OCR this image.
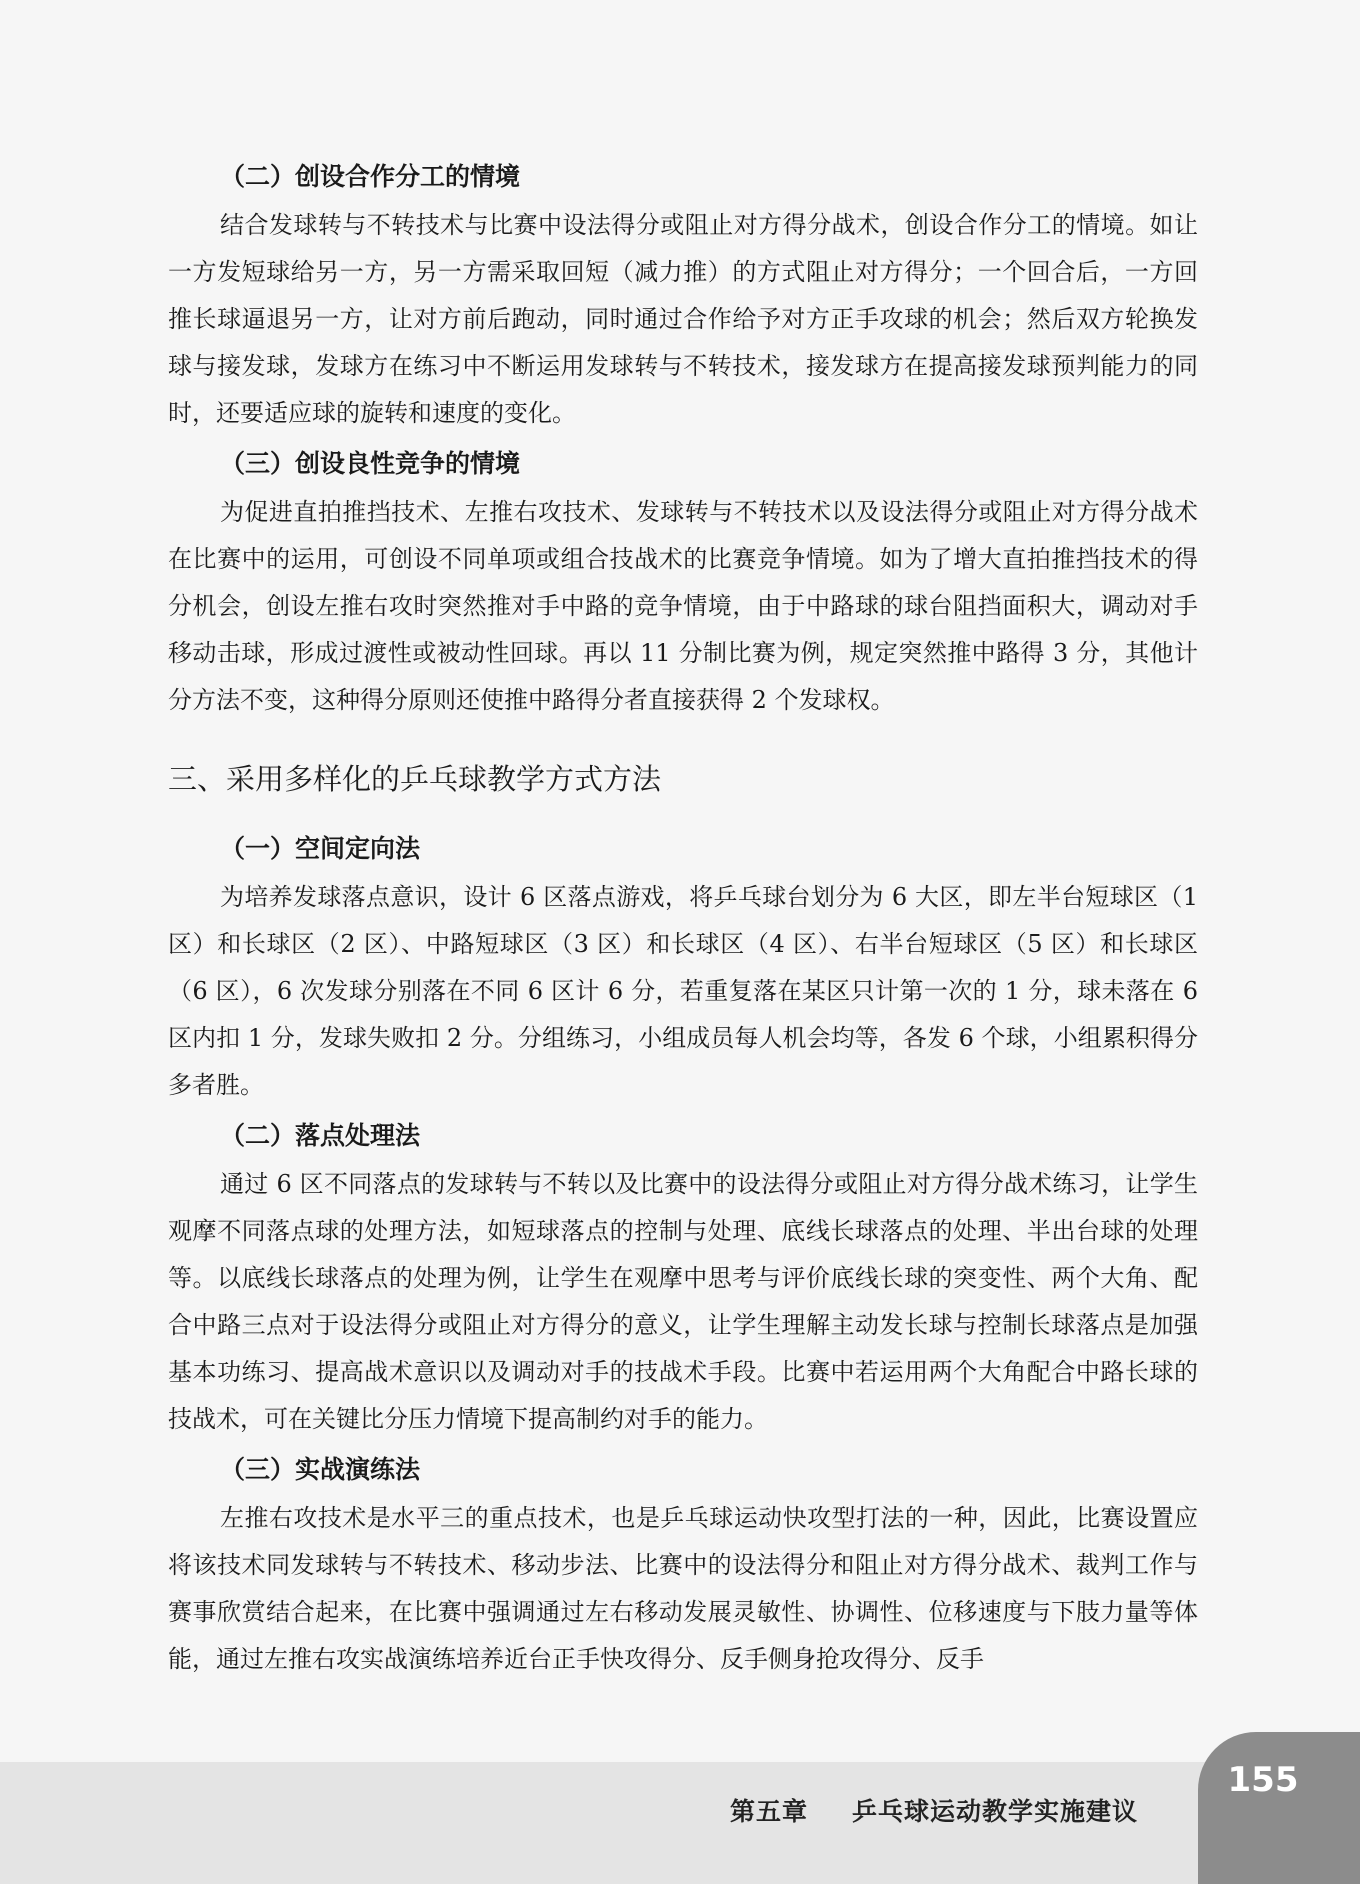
（二）创设合作分工的情境

结合发球转与不转技术与比赛中设法得分或阻止对方得分战术，创设合作分工的情境。如让一方发短球给另一方，另一方需采取回短（减力推）的方式阻止对方得分；一个回合后，一方回推长球逼退另一方，让对方前后跑动，同时通过合作给予对方正手攻球的机会；然后双方轮换发球与接发球，发球方在练习中不断运用发球转与不转技术，接发球方在提高接发球预判能力的同时，还要适应球的旋转和速度的变化。

（三）创设良性竞争的情境

为促进直拍推挡技术、左推右攻技术、发球转与不转技术以及设法得分或阻止对方得分战术在比赛中的运用，可创设不同单项或组合技战术的比赛竞争情境。如为了增大直拍推挡技术的得分机会，创设左推右攻时突然推对手中路的竞争情境，由于中路球的球台阻挡面积大，调动对手移动击球，形成过渡性或被动性回球。再以 11 分制比赛为例，规定突然推中路得 3 分，其他计分方法不变，这种得分原则还使推中路得分者直接获得 2 个发球权。

三、采用多样化的乒乓球教学方式方法
（一）空间定向法

为培养发球落点意识，设计 6 区落点游戏，将乒乓球台划分为 6 大区，即左半台短球区（1 区）和长球区（2 区）、中路短球区（3 区）和长球区（4 区）、右半台短球区（5 区）和长球区（6 区），6 次发球分别落在不同 6 区计 6 分，若重复落在某区只计第一次的 1 分，球未落在 6 区内扣 1 分，发球失败扣 2 分。分组练习，小组成员每人机会均等，各发 6 个球，小组累积得分多者胜。

（二）落点处理法

通过 6 区不同落点的发球转与不转以及比赛中的设法得分或阻止对方得分战术练习，让学生观摩不同落点球的处理方法，如短球落点的控制与处理、底线长球落点的处理、半出台球的处理等。以底线长球落点的处理为例，让学生在观摩中思考与评价底线长球的突变性、两个大角、配合中路三点对于设法得分或阻止对方得分的意义，让学生理解主动发长球与控制长球落点是加强基本功练习、提高战术意识以及调动对手的技战术手段。比赛中若运用两个大角配合中路长球的技战术，可在关键比分压力情境下提高制约对手的能力。

（三）实战演练法

左推右攻技术是水平三的重点技术，也是乒乓球运动快攻型打法的一种，因此，比赛设置应将该技术同发球转与不转技术、移动步法、比赛中的设法得分和阻止对方得分战术、裁判工作与赛事欣赏结合起来，在比赛中强调通过左右移动发展灵敏性、协调性、位移速度与下肢力量等体能，通过左推右攻实战演练培养近台正手快攻得分、反手侧身抢攻得分、反手

第五章 乒乓球运动教学实施建议
155
